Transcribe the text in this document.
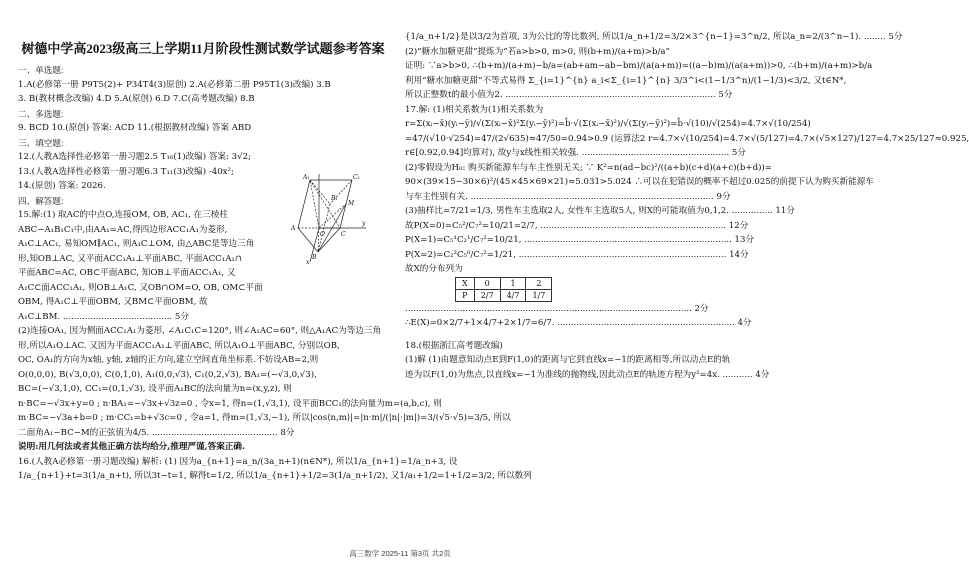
树德中学高2023级高三上学期11月阶段性测试数学试题参考答案
一、单选题:
1.A(必修第一册 P9T5(2)+ P34T4(3)原创) 2.A(必修第二册 P95T1(3)改编) 3.B
3. B(教材概念改编) 4.D 5.A(原创) 6.D 7.C(高考题改编) 8.B
二、多选题:
9. BCD 10.(原创) 答案: ACD 11.(根据教材改编) 答案 ABD
三、填空题:
12.(人教A选择性必修第一册习题2.5 T₁₆(1)改编) 答案: 3√2;
13.(人教A选择性必修第一册习题6.3 T₁₁(3)改编) -40x²;
14.(原创) 答案: 2026.
四、解答题:
15.解:(1) 取AC的中点O,连接OM, OB, AC₁, 在三棱柱
ABC−A₁B₁C₁中,由AA₁=AC,得四边形ACC₁A₁为菱形,
A₁C⊥AC₁, 易知OM∥AC₁, 则A₁C⊥OM, 由△ABC是等边三角
形,知OB⊥AC, 又平面ACC₁A₁⊥平面ABC, 平面ACC₁A₁∩
平面ABC=AC, OB⊂平面ABC, 知OB⊥平面ACC₁A₁, 又
A₁C⊂面ACC₁A₁, 则OB⊥A₁C, 又OB∩OM=O, OB, OM⊂平面
OBM, 得A₁C⊥平面OBM, 又BM⊂平面OBM, 故
A₁C⊥BM. ........................................ 5分
(2)连接OA₁, 因为侧面ACC₁A₁为菱形, ∠A₁C₁C=120°, 则∠A₁AC=60°, 则△A₁AC为等边三角
形,所以A₁O⊥AC. 又因为平面ACC₁A₁⊥平面ABC, 所以A₁O⊥平面ABC, 分别以OB,
OC, OA₁的方向为x轴, y轴, z轴的正方向,建立空间直角坐标系.不妨设AB=2,则
O(0,0,0), B(√3,0,0), C(0,1,0), A₁(0,0,√3), C₁(0,2,√3), BA₁=(−√3,0,√3),
BC=(−√3,1,0), CC₁=(0,1,√3), 设平面A₁BC的法向量为n=(x,y,z), 则
n·BC=−√3x+y=0 ; n·BA₁=−√3x+√3z=0 , 令x=1, 得n=(1,√3,1), 设平面BCC₁的法向量为m=(a,b,c), 则
m·BC=−√3a+b=0 ; m·CC₁=b+√3c=0 , 令a=1, 得m=(1,√3,−1), 所以|cos⟨n,m⟩|=|n·m|/(|n|·|m|)=3/(√5·√5)=3/5, 所以
二面角A₁−BC−M的正弦值为4/5. .............................................. 8分
说明:用几何法或者其他正确方法均给分,推理严谨,答案正确.
16.(人教A必修第一册习题改编) 解析: (1) 因为a_{n+1}=a_n/(3a_n+1)(n∈N*), 所以1/a_{n+1}=1/a_n+3, 设
1/a_{n+1}+t=3(1/a_n+t), 所以3t−t=1, 解得t=1/2, 所以1/a_{n+1}+1/2=3(1/a_n+1/2), 又1/a₁+1/2=1+1/2=3/2, 所以数列
A₁
A
B
C
C₁
M
O
B₁
y
x
{1/a_n+1/2}是以3/2为首项, 3为公比的等比数列, 所以1/a_n+1/2=3/2×3^{n−1}=3^n/2, 所以a_n=2/(3^n−1). ........ 5分
(2)“糖水加糖更甜”提炼为“若a>b>0, m>0, 则(b+m)/(a+m)>b/a”
证明: ∵a>b>0, ∴(b+m)/(a+m)−b/a=(ab+am−ab−bm)/(a(a+m))=((a−b)m)/(a(a+m))>0, ∴(b+m)/(a+m)>b/a
利用“糖水加糖更甜”不等式易得 Σ_{i=1}^{n} a_i<Σ_{i=1}^{n} 3/3^i<(1−1/3^n)/(1−1/3)<3/2, 又t∈N*,
所以正整数t的最小值为2. ............................................................................. 5分
17.解: (1)相关系数为(1)相关系数为
r=Σ(xᵢ−x̄)(yᵢ−ȳ)/√(Σ(xᵢ−x̄)²Σ(yᵢ−ȳ)²)=b̂·√(Σ(xᵢ−x̄)²)/√(Σ(yᵢ−ȳ)²)=b̂·√(10)/√(254)=4.7×√(10/254)
=47/(√10·√254)=47/(2√635)≈47/50=0.94>0.9 (运算法2 r=4.7×√(10/254)=4.7×√(5/127)=4.7×(√5×127)/127=4.7×25/127≈0.925,
r∈[0.92,0.94]均算对), 故y与x线性相关较强. ...................................................... 5分
(2)零假设为H₀: 购买新能源车与车主性别无关; ∵ K²=n(ad−bc)²/((a+b)(c+d)(a+c)(b+d))=
90×(39×15−30×6)²/(45×45×69×21)≈5.031>5.024 ∴可以在犯错误的概率不超过0.025的前提下认为购买新能源车
与车主性别有关. ......................................................................................... 9分
(3)抽样比=7/21=1/3, 男性车主选取2人, 女性车主选取5人, 则X的可能取值为0,1,2. ............... 11分
故P(X=0)=C₅²/C₇²=10/21=2/7, .................................................................... 12分
P(X=1)=C₅¹C₂¹/C₇²=10/21, ............................................................................ 13分
P(X=2)=C₂²C₅⁰/C₇²=1/21, ............................................................................ 14分
故X的分布列为
X	0	1	2
P	2/7	4/7	1/7
......................................................................................................... 2分
∴E(X)=0×2/7+1×4/7+2×1/7=6/7. ................................................................. 4分
18.(根据浙江高考题改编)
(1)解 (1)由题意知动点E到F(1,0)的距离与它到直线x=−1的距离相等,所以动点E的轨
迹为以F(1,0)为焦点,以直线x=−1为准线的抛物线,因此动点E的轨迹方程为y²=4x. ........... 4分
高三数学 2025-11 第3页 共2页
